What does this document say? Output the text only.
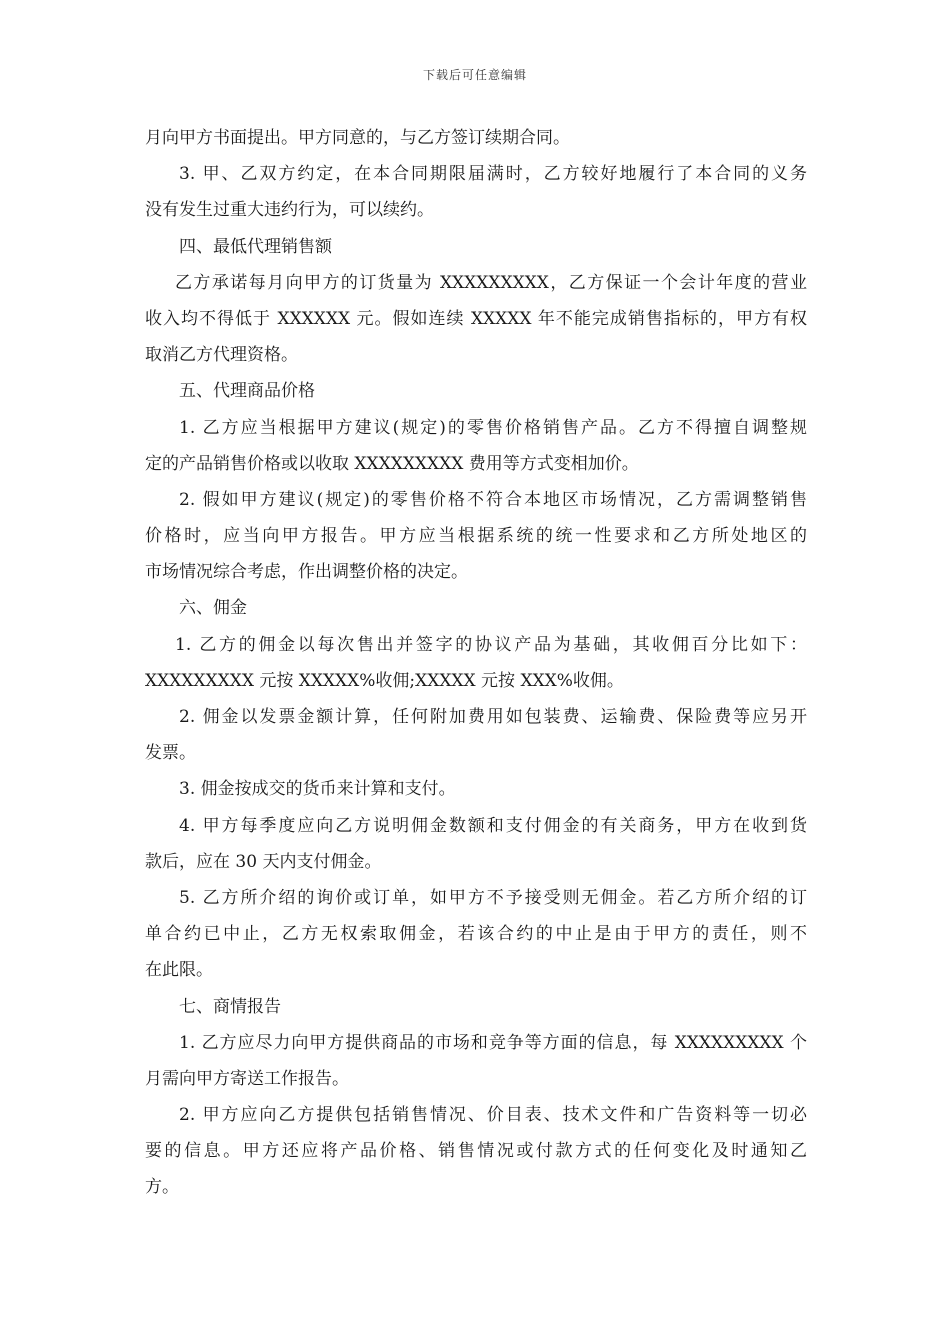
下载后可任意编辑
月向甲方书面提出。甲方同意的，与乙方签订续期合同。
3. 甲、乙双方约定，在本合同期限届满时，乙方较好地履行了本合同的义务
没有发生过重大违约行为，可以续约。
四、最低代理销售额
乙方承诺每月向甲方的订货量为 XXXXXXXXX，乙方保证一个会计年度的营业
收入均不得低于 XXXXXX 元。假如连续 XXXXX 年不能完成销售指标的，甲方有权
取消乙方代理资格。
五、代理商品价格
1. 乙方应当根据甲方建议(规定)的零售价格销售产品。乙方不得擅自调整规
定的产品销售价格或以收取 XXXXXXXXX 费用等方式变相加价。
2. 假如甲方建议(规定)的零售价格不符合本地区市场情况，乙方需调整销售
价格时，应当向甲方报告。甲方应当根据系统的统一性要求和乙方所处地区的
市场情况综合考虑，作出调整价格的决定。
六、佣金
1. 乙方的佣金以每次售出并签字的协议产品为基础，其收佣百分比如下：
XXXXXXXXX 元按 XXXXX%收佣;XXXXX 元按 XXX%收佣。
2. 佣金以发票金额计算，任何附加费用如包装费、运输费、保险费等应另开
发票。
3. 佣金按成交的货币来计算和支付。
4. 甲方每季度应向乙方说明佣金数额和支付佣金的有关商务，甲方在收到货
款后，应在 30 天内支付佣金。
5. 乙方所介绍的询价或订单，如甲方不予接受则无佣金。若乙方所介绍的订
单合约已中止，乙方无权索取佣金，若该合约的中止是由于甲方的责任，则不
在此限。
七、商情报告
1. 乙方应尽力向甲方提供商品的市场和竞争等方面的信息，每 XXXXXXXXX 个
月需向甲方寄送工作报告。
2. 甲方应向乙方提供包括销售情况、价目表、技术文件和广告资料等一切必
要的信息。甲方还应将产品价格、销售情况或付款方式的任何变化及时通知乙
方。
